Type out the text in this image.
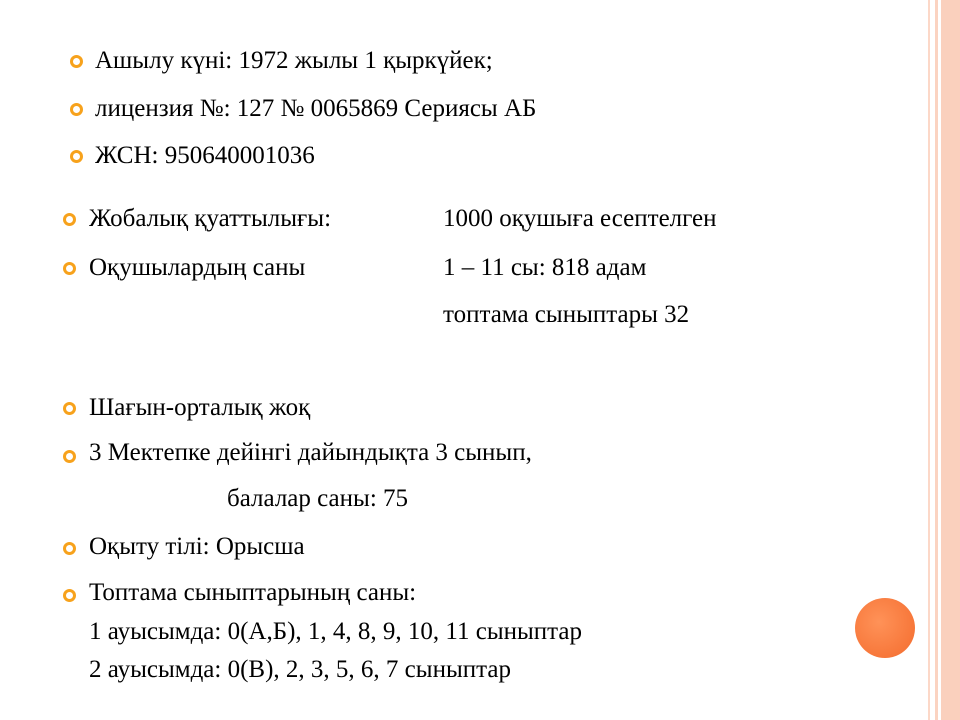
Ашылу күні: 1972 жылы 1 қыркүйек;
лицензия №: 127 № 0065869 Сериясы АБ
ЖСН: 950640001036
Жобалық қуаттылығы:	1000 оқушыға есептелген
Оқушылардың саны	1 – 11 сы: 818 адам
топтама сыныптары 32
Шағын-орталық жоқ
3 Мектепке дейінгі дайындықта 3 сынып,
балалар саны: 75
Оқыту тілі: Орысша
Топтама сыныптарының саны:
1 ауысымда: 0(А,Б), 1, 4, 8, 9, 10, 11 сыныптар
2 ауысымда: 0(В), 2, 3, 5, 6, 7 сыныптар
